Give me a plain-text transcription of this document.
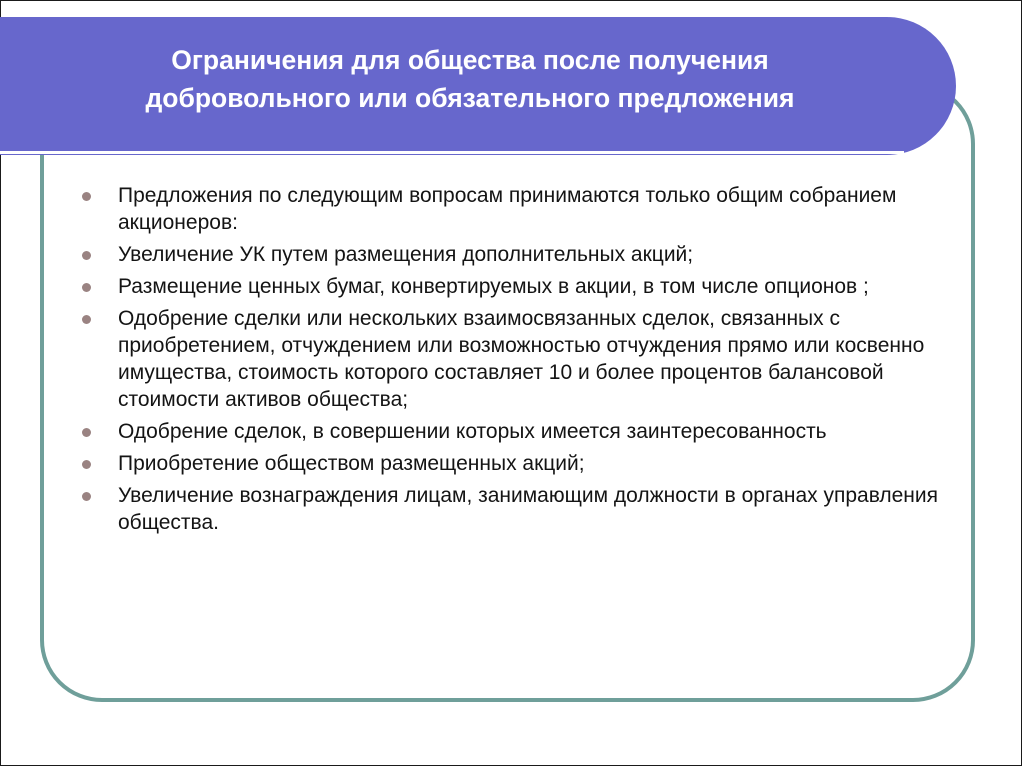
Ограничения для общества после получения
добровольного или обязательного предложения
Предложения по следующим вопросам принимаются только общим собранием акционеров:
Увеличение УК путем размещения дополнительных акций;
Размещение ценных бумаг, конвертируемых в акции, в том числе опционов ;
Одобрение сделки или нескольких взаимосвязанных сделок, связанных с приобретением, отчуждением или возможностью отчуждения прямо или косвенно имущества, стоимость которого составляет 10 и более процентов балансовой стоимости активов общества;
Одобрение сделок, в совершении которых имеется заинтересованность
Приобретение обществом размещенных акций;
Увеличение вознаграждения лицам, занимающим должности в органах управления общества.
